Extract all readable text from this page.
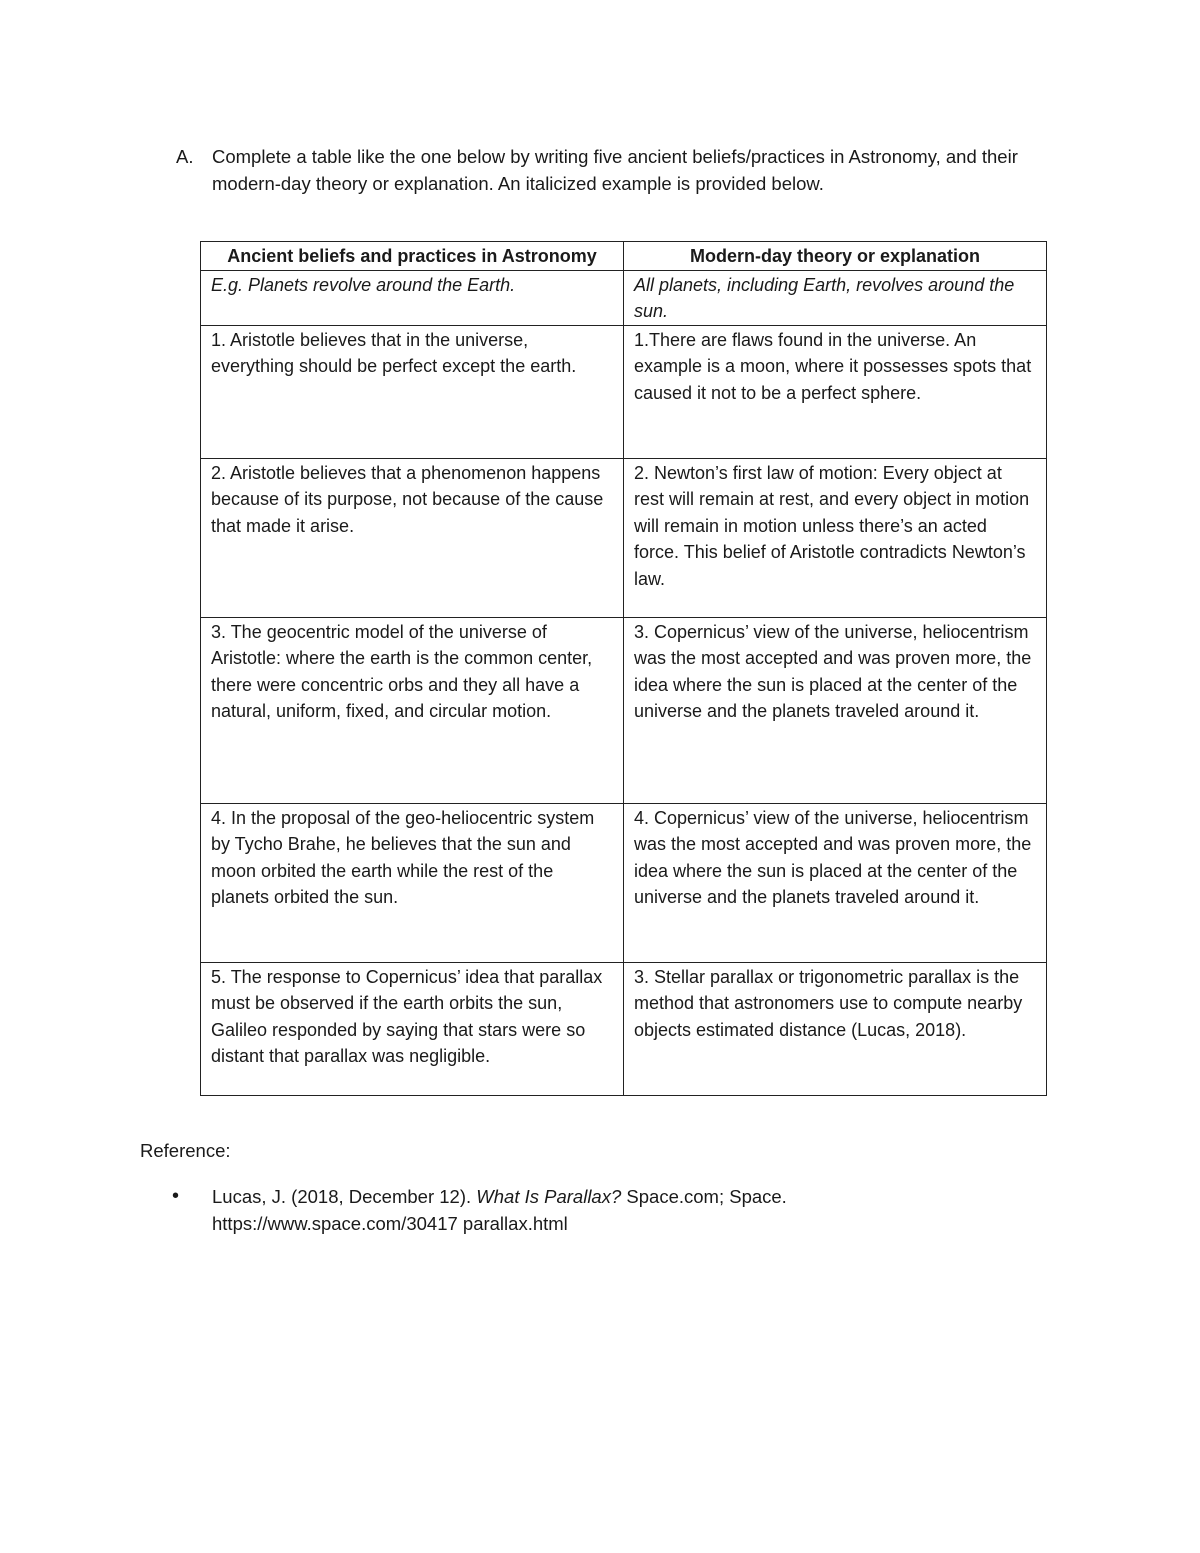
A. Complete a table like the one below by writing five ancient beliefs/practices in Astronomy, and their modern-day theory or explanation. An italicized example is provided below.
Ancient beliefs and practices in Astronomy	Modern-day theory or explanation
E.g. Planets revolve around the Earth.	All planets, including Earth, revolves around the sun.
1. Aristotle believes that in the universe, everything should be perfect except the earth.	1.There are flaws found in the universe. An example is a moon, where it possesses spots that caused it not to be a perfect sphere.
2. Aristotle believes that a phenomenon happens because of its purpose, not because of the cause that made it arise.	2. Newton’s first law of motion: Every object at rest will remain at rest, and every object in motion will remain in motion unless there’s an acted force. This belief of Aristotle contradicts Newton’s law.
3. The geocentric model of the universe of Aristotle: where the earth is the common center, there were concentric orbs and they all have a natural, uniform, fixed, and circular motion.	3. Copernicus’ view of the universe, heliocentrism was the most accepted and was proven more, the idea where the sun is placed at the center of the universe and the planets traveled around it.
4. In the proposal of the geo-heliocentric system by Tycho Brahe, he believes that the sun and moon orbited the earth while the rest of the planets orbited the sun.	4. Copernicus’ view of the universe, heliocentrism was the most accepted and was proven more, the idea where the sun is placed at the center of the universe and the planets traveled around it.
5. The response to Copernicus’ idea that parallax must be observed if the earth orbits the sun, Galileo responded by saying that stars were so distant that parallax was negligible.	3. Stellar parallax or trigonometric parallax is the method that astronomers use to compute nearby objects estimated distance (Lucas, 2018).
Reference:
• Lucas, J. (2018, December 12). What Is Parallax? Space.com; Space.
https://www.space.com/30417 parallax.html
